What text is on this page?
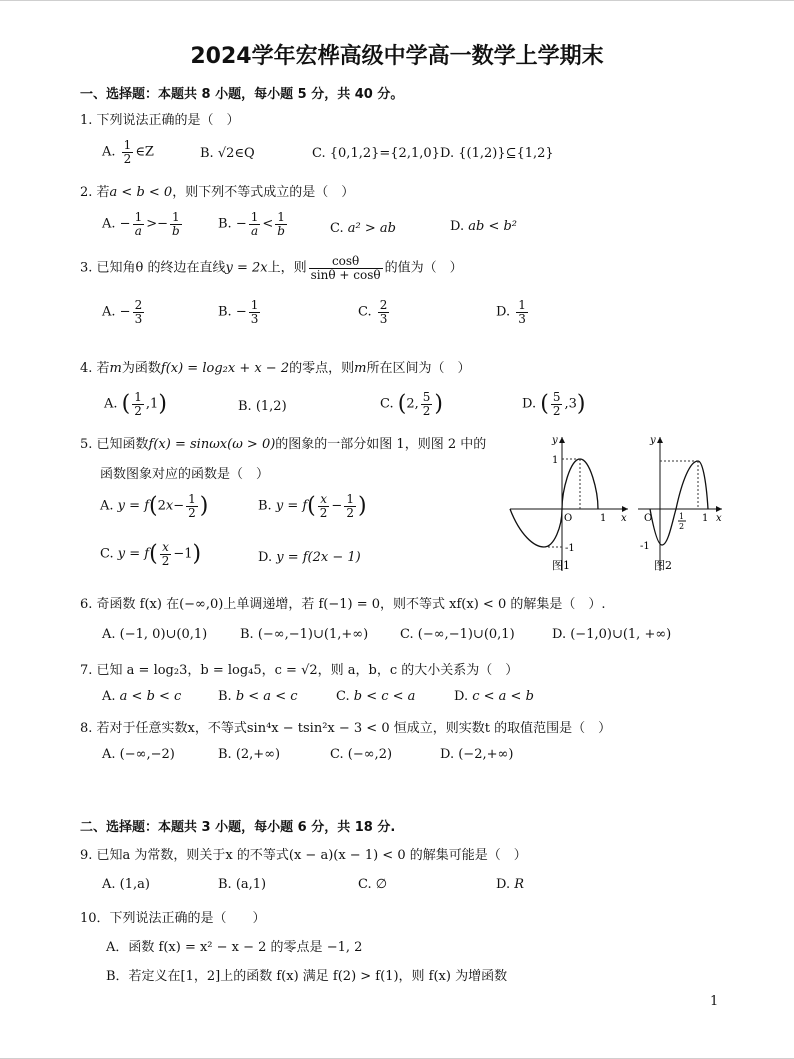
2024学年宏桦高级中学高一数学上学期末
一、选择题：本题共 8 小题，每小题 5 分，共 40 分。
1. 下列说法正确的是（　）
A. $\frac{1}{2}$ ∈Z	B. √2∈Q	C. {0,1,2}={2,1,0} D. {(1,2)}⊆{1,2}
2. 若a < b < 0，则下列不等式成立的是（　）
A. − $\frac{1}{a} >- \frac{1}{b}$	B. − $\frac{1}{a} < \frac{1}{b}$	C. a² > ab	D. ab < b²
3. 已知角θ 的终边在直线y = 2x上，则 $\frac{\cos\theta}{\sin\theta + \cos\theta}$ 的值为（　）
A. − $\frac{2}{3}$	B. − $\frac{1}{3}$	C. $\frac{2}{3}$	D. $\frac{1}{3}$
4. 若m为函数f(x) = log₂x + x − 2的零点，则m所在区间为（　）
A. ( $\frac{1}{2} ,1$)	B. (1,2)	C. (2, $\frac{5}{2}$ )	D. ( $\frac{5}{2} ,3$)
5. 已知函数f(x) = sinωx(ω > 0)的图象的一部分如图 1，则图 2 中的
函数图象对应的函数是（　）
A. $y = f(2x- \frac{1}{2}$ )	B. $y = f( \frac{x}{2} - \frac{1}{2}$ )
C. $y = f( \frac{x}{2} -1)$	D. y = f(2x − 1)
y
x
O	1
1
-1
图1
y
x
O	1
1
2
-1
图2
6. 奇函数 f(x) 在(−∞,0)上单调递增，若 f(−1) = 0，则不等式 xf(x) < 0 的解集是（　）.
A. (−1, 0)∪(0,1)	B. (−∞,−1)∪(1,+∞) C. (−∞,−1)∪(0,1)	D. (−1,0)∪(1, +∞)
7. 已知 a = log₂3，b = log₄5，c = √2，则 a，b，c 的大小关系为（　）
A. a < b < c	B. b < a < c	C. b < c < a	D. c < a < b
8. 若对于任意实数x，不等式sin⁴x − tsin²x − 3 < 0 恒成立，则实数t 的取值范围是（　）
A. (−∞,−2)	B. (2,+∞)	C. (−∞,2)	D. (−2,+∞)
二、选择题：本题共 3 小题，每小题 6 分，共 18 分.
9. 已知a 为常数，则关于x 的不等式(x − a)(x − 1) < 0 的解集可能是（　）
A. (1,a)	B. (a,1)	C. ∅	D. R
10．下列说法正确的是（　　）
A．函数 f(x) = x² − x − 2 的零点是 −1, 2
B．若定义在[1，2]上的函数 f(x) 满足 f(2) > f(1)，则 f(x) 为增函数
1
